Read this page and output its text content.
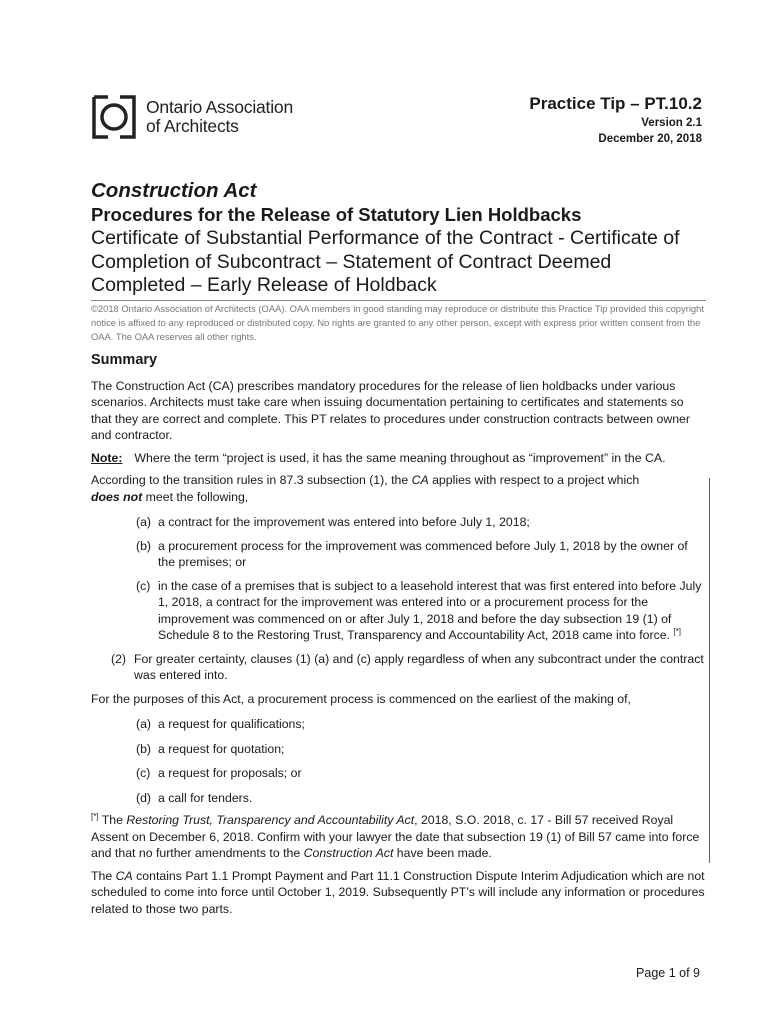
Ontario Association
of Architects
Practice Tip – PT.10.2
Version 2.1
December 20, 2018
Construction Act
Procedures for the Release of Statutory Lien Holdbacks
Certificate of Substantial Performance of the Contract - Certificate of Completion of Subcontract – Statement of Contract Deemed Completed – Early Release of Holdback
©2018 Ontario Association of Architects (OAA). OAA members in good standing may reproduce or distribute this Practice Tip provided this copyright notice is affixed to any reproduced or distributed copy. No rights are granted to any other person, except with express prior written consent from the OAA. The OAA reserves all other rights.
Summary

The Construction Act (CA) prescribes mandatory procedures for the release of lien holdbacks under various scenarios. Architects must take care when issuing documentation pertaining to certificates and statements so that they are correct and complete. This PT relates to procedures under construction contracts between owner and contractor.

Note: Where the term “project is used, it has the same meaning throughout as “improvement” in the CA.

According to the transition rules in 87.3 subsection (1), the CA applies with respect to a project which
does not meet the following,

(a) a contract for the improvement was entered into before July 1, 2018;
(b) a procurement process for the improvement was commenced before July 1, 2018 by the owner of the premises; or
(c) in the case of a premises that is subject to a leasehold interest that was first entered into before July 1, 2018, a contract for the improvement was entered into or a procurement process for the improvement was commenced on or after July 1, 2018 and before the day subsection 19 (1) of Schedule 8 to the Restoring Trust, Transparency and Accountability Act, 2018 came into force. [*]
(2) For greater certainty, clauses (1) (a) and (c) apply regardless of when any subcontract under the contract was entered into.

For the purposes of this Act, a procurement process is commenced on the earliest of the making of,

(a) a request for qualifications;
(b) a request for quotation;
(c) a request for proposals; or
(d) a call for tenders.

[*] The Restoring Trust, Transparency and Accountability Act, 2018, S.O. 2018, c. 17 - Bill 57 received Royal Assent on December 6, 2018. Confirm with your lawyer the date that subsection 19 (1) of Bill 57 came into force and that no further amendments to the Construction Act have been made.

The CA contains Part 1.1 Prompt Payment and Part 11.1 Construction Dispute Interim Adjudication which are not scheduled to come into force until October 1, 2019. Subsequently PT’s will include any information or procedures related to those two parts.

Page 1 of 9
